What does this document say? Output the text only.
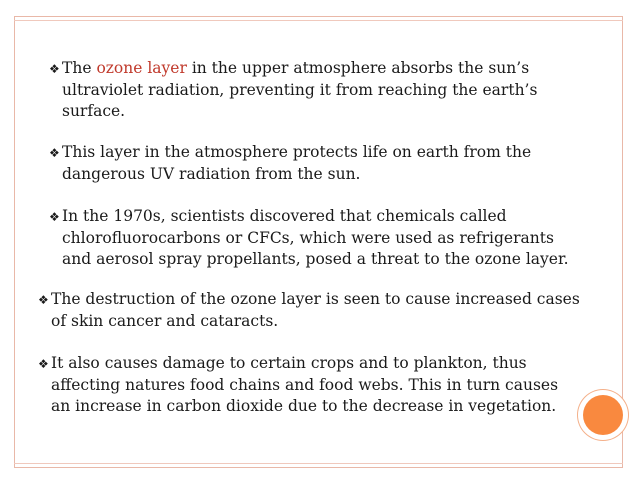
❖ The ozone layer in the upper atmosphere absorbs the sun’s
ultraviolet radiation, preventing it from reaching the earth’s
surface.
❖ This layer in the atmosphere protects life on earth from the
dangerous UV radiation from the sun.
❖ In the 1970s, scientists discovered that chemicals called
chlorofluorocarbons or CFCs, which were used as refrigerants
and aerosol spray propellants, posed a threat to the ozone layer.
❖ The destruction of the ozone layer is seen to cause increased cases
of skin cancer and cataracts.
❖ It also causes damage to certain crops and to plankton, thus
affecting natures food chains and food webs. This in turn causes
an increase in carbon dioxide due to the decrease in vegetation.
